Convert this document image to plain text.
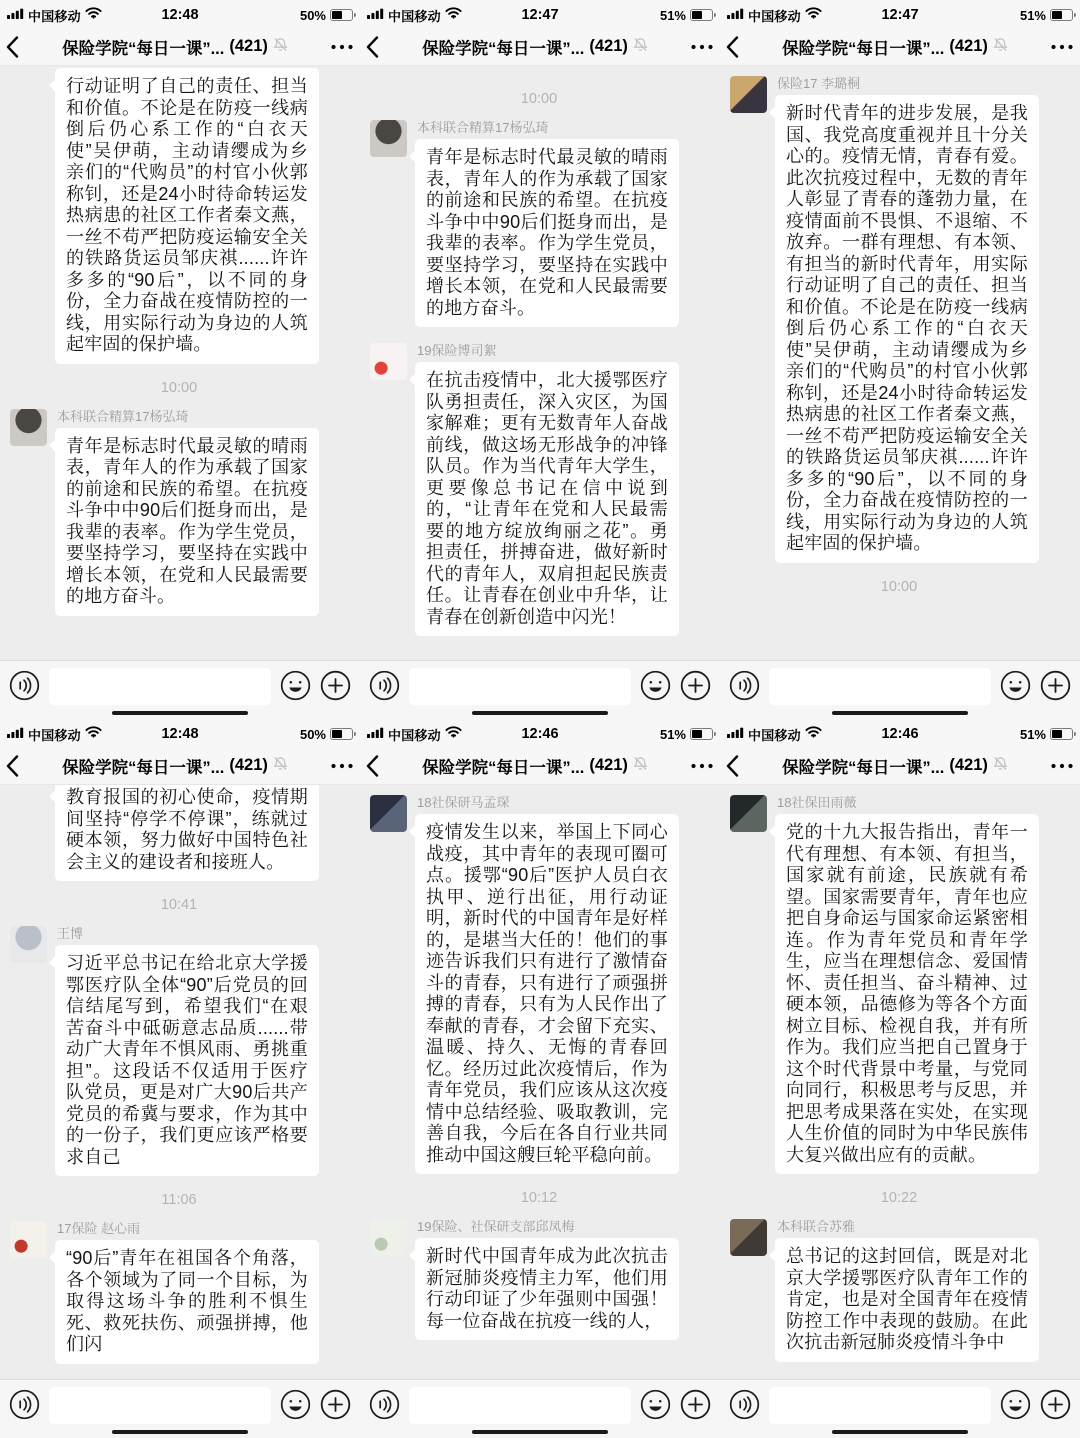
中国移动	12:48	50%
保险学院“每日一课”... (421)
行动证明了自己的责任、担当和价值。不论是在防疫一线病倒后仍心系工作的“白衣天使”吴伊萌，主动请缨成为乡亲们的“代购员”的村官小伙郭称钊，还是24小时待命转运发热病患的社区工作者秦文燕，一丝不苟严把防疫运输安全关的铁路货运员邹庆祺......许许多多的“90后”，以不同的身份，全力奋战在疫情防控的一线，用实际行动为身边的人筑起牢固的保护墙。
10:00
本科联合精算17杨弘琦
青年是标志时代最灵敏的晴雨表，青年人的作为承载了国家的前途和民族的希望。在抗疫斗争中中90后们挺身而出，是我辈的表率。作为学生党员，要坚持学习，要坚持在实践中增长本领，在党和人民最需要的地方奋斗。
中国移动	12:47	51%
保险学院“每日一课”... (421)
10:00
本科联合精算17杨弘琦
青年是标志时代最灵敏的晴雨表，青年人的作为承载了国家的前途和民族的希望。在抗疫斗争中中90后们挺身而出，是我辈的表率。作为学生党员，要坚持学习，要坚持在实践中增长本领，在党和人民最需要的地方奋斗。
19保险博司絮
在抗击疫情中，北大援鄂医疗队勇担责任，深入灾区，为国家解难；更有无数青年人奋战前线，做这场无形战争的冲锋队员。作为当代青年大学生，更要像总书记在信中说到的，“让青年在党和人民最需要的地方绽放绚丽之花”。勇担责任，拼搏奋进，做好新时代的青年人，双肩担起民族责任。让青春在创业中升华，让青春在创新创造中闪光！
中国移动	12:47	51%
保险学院“每日一课”... (421)
保险17 李璐桐
新时代青年的进步发展，是我国、我党高度重视并且十分关心的。疫情无情，青春有爱。此次抗疫过程中，无数的青年人彰显了青春的蓬勃力量，在疫情面前不畏惧、不退缩、不放弃。一群有理想、有本领、有担当的新时代青年，用实际行动证明了自己的责任、担当和价值。不论是在防疫一线病倒后仍心系工作的“白衣天使”吴伊萌，主动请缨成为乡亲们的“代购员”的村官小伙郭称钊，还是24小时待命转运发热病患的社区工作者秦文燕，一丝不苟严把防疫运输安全关的铁路货运员邹庆祺......许许多多的“90后”，以不同的身份，全力奋战在疫情防控的一线，用实际行动为身边的人筑起牢固的保护墙。
10:00
中国移动	12:48	50%
保险学院“每日一课”... (421)
教育报国的初心使命，疫情期间坚持“停学不停课”，练就过硬本领，努力做好中国特色社会主义的建设者和接班人。
10:41
王博
习近平总书记在给北京大学援鄂医疗队全体“90”后党员的回信结尾写到，希望我们“在艰苦奋斗中砥砺意志品质......带动广大青年不惧风雨、勇挑重担”。这段话不仅适用于医疗队党员，更是对广大90后共产党员的希冀与要求，作为其中的一份子，我们更应该严格要求自己
11:06
17保险 赵心雨
“90后”青年在祖国各个角落，各个领域为了同一个目标，为取得这场斗争的胜利不惧生死、救死扶伤、顽强拼搏，他们闪
中国移动	12:46	51%
保险学院“每日一课”... (421)
18社保研马孟琛
疫情发生以来，举国上下同心战疫，其中青年的表现可圈可点。援鄂“90后”医护人员白衣执甲、逆行出征，用行动证明，新时代的中国青年是好样的，是堪当大任的！他们的事迹告诉我们只有进行了激情奋斗的青春，只有进行了顽强拼搏的青春，只有为人民作出了奉献的青春，才会留下充实、温暖、持久、无悔的青春回忆。经历过此次疫情后，作为青年党员，我们应该从这次疫情中总结经验、吸取教训，完善自我，今后在各自行业共同推动中国这艘巨轮平稳向前。
10:12
19保险、社保研支部邱凤梅
新时代中国青年成为此次抗击新冠肺炎疫情主力军，他们用行动印证了少年强则中国强！每一位奋战在抗疫一线的人，
中国移动	12:46	51%
保险学院“每日一课”... (421)
18社保田雨薇
党的十九大报告指出，青年一代有理想、有本领、有担当，国家就有前途，民族就有希望。国家需要青年，青年也应把自身命运与国家命运紧密相连。作为青年党员和青年学生，应当在理想信念、爱国情怀、责任担当、奋斗精神、过硬本领，品德修为等各个方面树立目标、检视自我，并有所作为。我们应当把自己置身于这个时代背景中考量，与党同向同行，积极思考与反思，并把思考成果落在实处，在实现人生价值的同时为中华民族伟大复兴做出应有的贡献。
10:22
本科联合苏雅
总书记的这封回信，既是对北京大学援鄂医疗队青年工作的肯定，也是对全国青年在疫情防控工作中表现的鼓励。在此次抗击新冠肺炎疫情斗争中
